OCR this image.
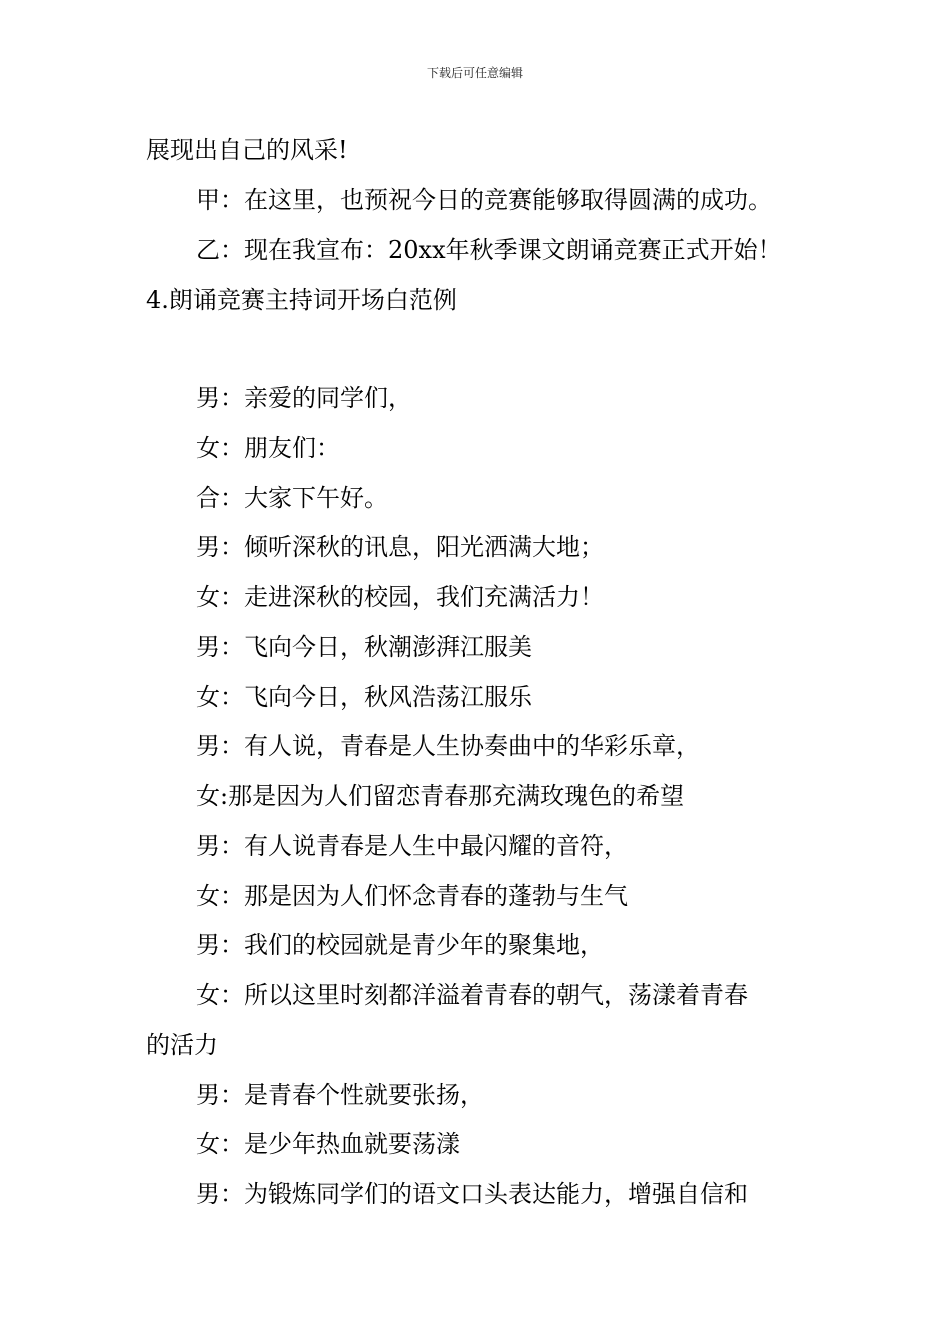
下载后可任意编辑
展现出自己的风采!
甲：在这里，也预祝今日的竞赛能够取得圆满的成功。
乙：现在我宣布：20xx年秋季课文朗诵竞赛正式开始！
4.朗诵竞赛主持词开场白范例
男：亲爱的同学们，
女：朋友们：
合：大家下午好。
男：倾听深秋的讯息，阳光洒满大地；
女：走进深秋的校园，我们充满活力！
男：飞向今日，秋潮澎湃江服美
女：飞向今日，秋风浩荡江服乐
男：有人说，青春是人生协奏曲中的华彩乐章，
女:那是因为人们留恋青春那充满玫瑰色的希望
男：有人说青春是人生中最闪耀的音符，
女：那是因为人们怀念青春的蓬勃与生气
男：我们的校园就是青少年的聚集地，
女：所以这里时刻都洋溢着青春的朝气，荡漾着青春
的活力
男：是青春个性就要张扬，
女：是少年热血就要荡漾
男：为锻炼同学们的语文口头表达能力，增强自信和
